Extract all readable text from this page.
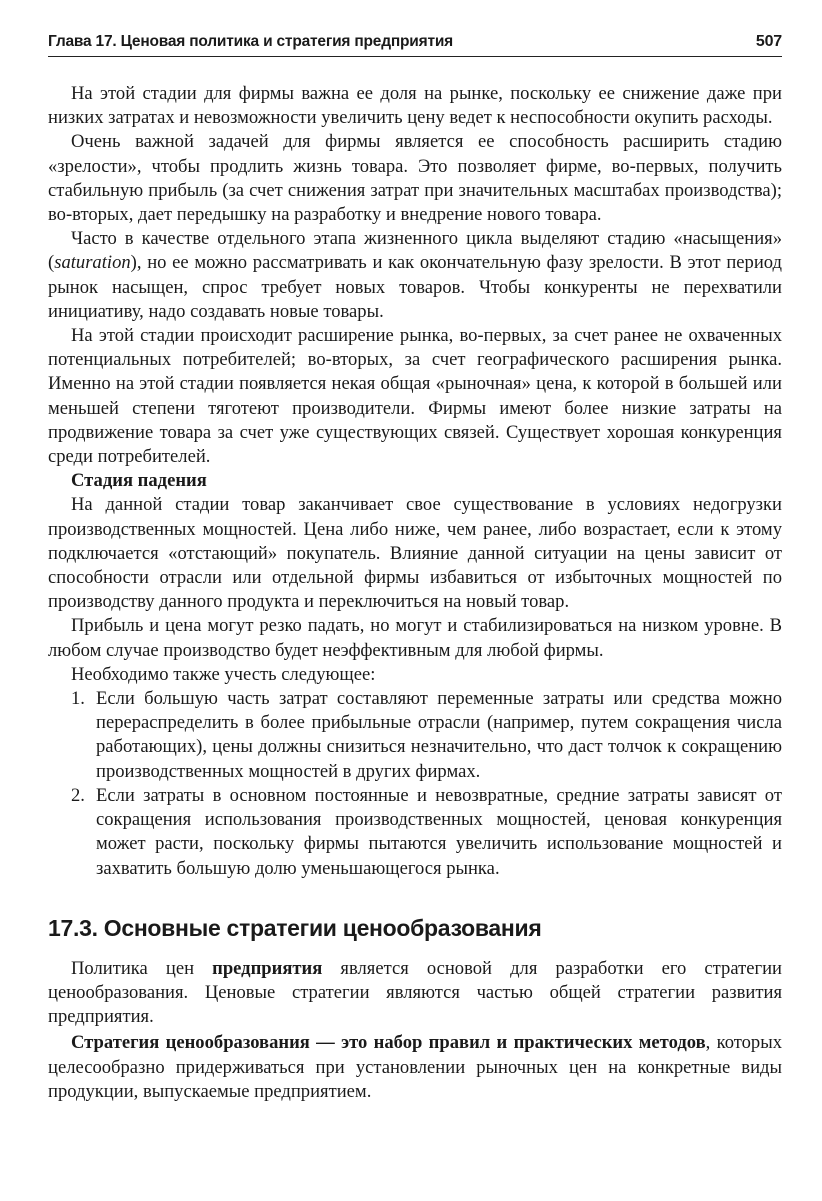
Глава 17. Ценовая политика и стратегия предприятия	507

На этой стадии для фирмы важна ее доля на рынке, поскольку ее снижение даже при низких затратах и невозможности увеличить цену ведет к неспособности окупить расходы.

Очень важной задачей для фирмы является ее способность расширить стадию «зрелости», чтобы продлить жизнь товара. Это позволяет фирме, во-первых, получить стабильную прибыль (за счет снижения затрат при значительных масштабах производства); во-вторых, дает передышку на разработку и внедрение нового товара.

Часто в качестве отдельного этапа жизненного цикла выделяют стадию «насыщения» (saturation), но ее можно рассматривать и как окончательную фазу зрелости. В этот период рынок насыщен, спрос требует новых товаров. Чтобы конкуренты не перехватили инициативу, надо создавать новые товары.

На этой стадии происходит расширение рынка, во-первых, за счет ранее не охваченных потенциальных потребителей; во-вторых, за счет географического расширения рынка. Именно на этой стадии появляется некая общая «рыночная» цена, к которой в большей или меньшей степени тяготеют производители. Фирмы имеют более низкие затраты на продвижение товара за счет уже существующих связей. Существует хорошая конкуренция среди потребителей.

Стадия падения

На данной стадии товар заканчивает свое существование в условиях недогрузки производственных мощностей. Цена либо ниже, чем ранее, либо возрастает, если к этому подключается «отстающий» покупатель. Влияние данной ситуации на цены зависит от способности отрасли или отдельной фирмы избавиться от избыточных мощностей по производству данного продукта и переключиться на новый товар.

Прибыль и цена могут резко падать, но могут и стабилизироваться на низком уровне. В любом случае производство будет неэффективным для любой фирмы.

Необходимо также учесть следующее:

1. Если большую часть затрат составляют переменные затраты или средства можно перераспределить в более прибыльные отрасли (например, путем сокращения числа работающих), цены должны снизиться незначительно, что даст толчок к сокращению производственных мощностей в других фирмах.
2. Если затраты в основном постоянные и невозвратные, средние затраты зависят от сокращения использования производственных мощностей, ценовая конкуренция может расти, поскольку фирмы пытаются увеличить использование мощностей и захватить большую долю уменьшающегося рынка.
17.3. Основные стратегии ценообразования

Политика цен предприятия является основой для разработки его стратегии ценообразования. Ценовые стратегии являются частью общей стратегии развития предприятия.

Стратегия ценообразования — это набор правил и практических методов, которых целесообразно придерживаться при установлении рыночных цен на конкретные виды продукции, выпускаемые предприятием.
